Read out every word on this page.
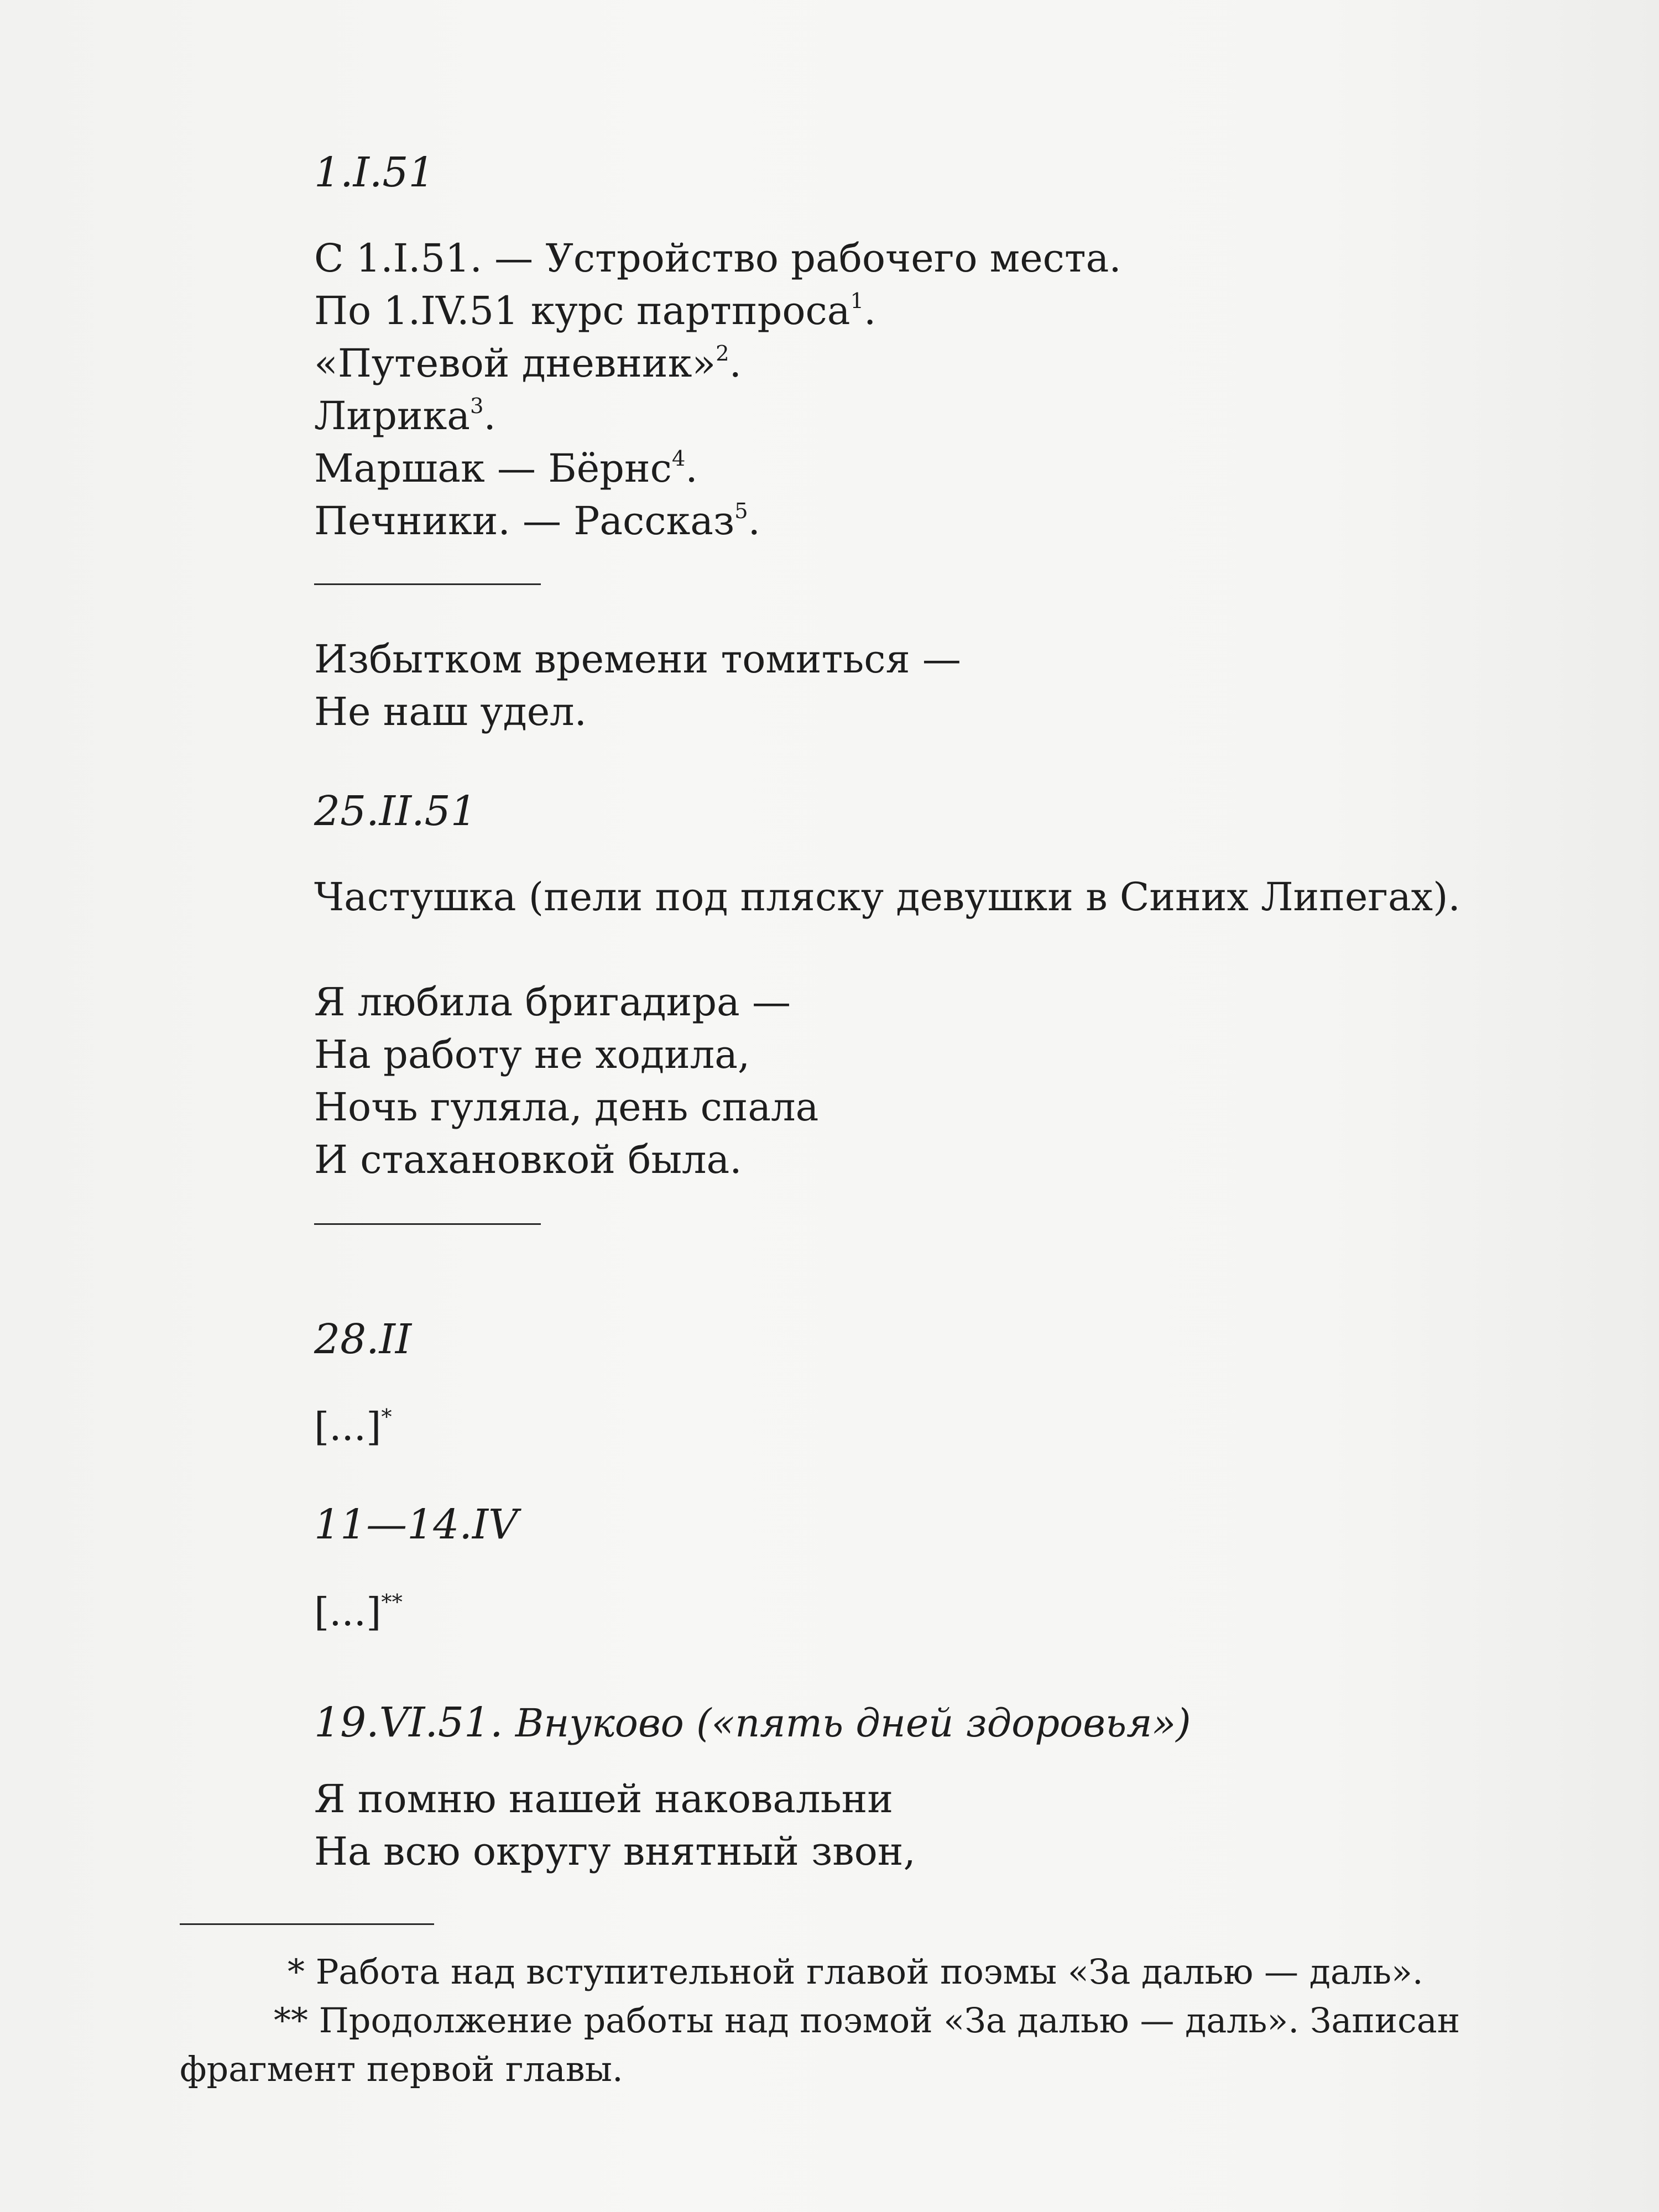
1.I.51
С 1.I.51. — Устройство рабочего места.
По 1.IV.51 курс партпроса$^1$.
«Путевой дневник»$^2$.
Лирика$^3$.
Маршак — Бёрнс$^4$.
Печники. — Рассказ$^5$.
Избытком времени томиться —
Не наш удел.
25.II.51
Частушка (пели под пляску девушки в Синих Липегах).
Я любила бригадира —
На работу не ходила,
Ночь гуляла, день спала
И стахановкой была.
28.II
[...]*
11—14.IV
[...]**
19.VI.51. Внуково («пять дней здоровья»)
Я помню нашей наковальни
На всю округу внятный звон,
* Работа над вступительной главой поэмы «За далью — даль».
** Продолжение работы над поэмой «За далью — даль». Записан
фрагмент первой главы.
